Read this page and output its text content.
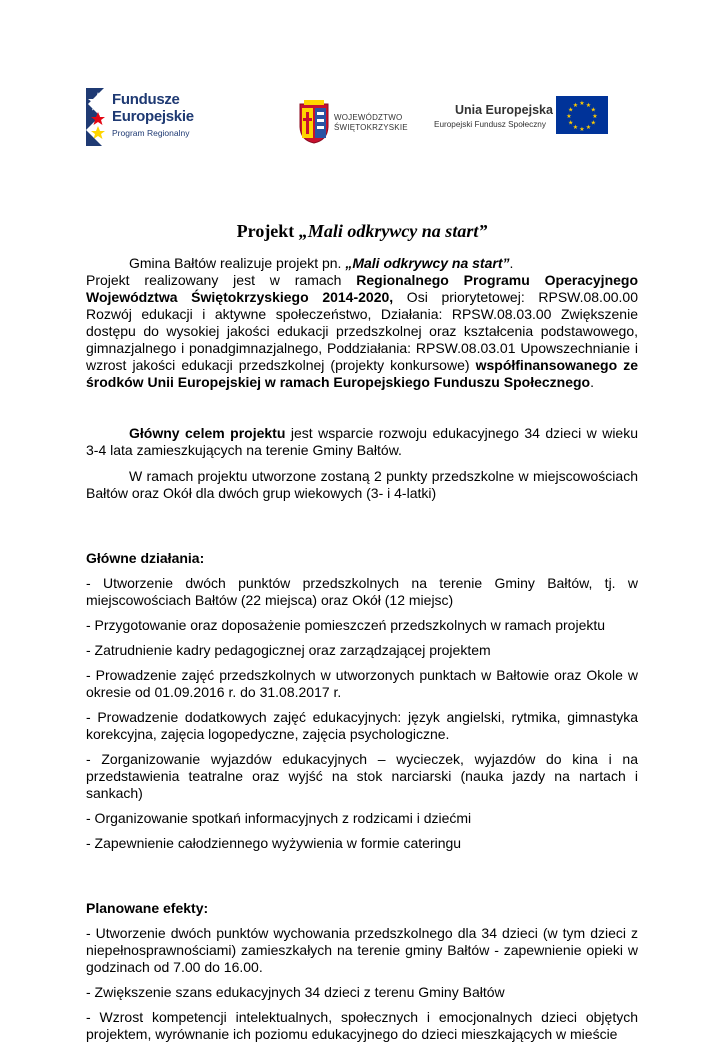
Fundusze
Europejskie
Program Regionalny
WOJEWÓDZTWO
ŚWIĘTOKRZYSKIE
Unia Europejska
Europejski Fundusz Społeczny
★ ★
★
★
★
★
★
★
★
★
★
★
Projekt „Mali odkrywcy na start”

Gmina Bałtów realizuje projekt pn. „Mali odkrywcy na start”.

Projekt realizowany jest w ramach Regionalnego Programu Operacyjnego Województwa Świętokrzyskiego 2014-2020, Osi priorytetowej: RPSW.08.00.00 Rozwój edukacji i aktywne społeczeństwo, Działania: RPSW.08.03.00 Zwiększenie dostępu do wysokiej jakości edukacji przedszkolnej oraz kształcenia podstawowego, gimnazjalnego i ponadgimnazjalnego, Poddziałania: RPSW.08.03.01 Upowszechnianie i wzrost jakości edukacji przedszkolnej (projekty konkursowe) współfinansowanego ze środków Unii Europejskiej w ramach Europejskiego Funduszu Społecznego.

Główny celem projektu jest wsparcie rozwoju edukacyjnego 34 dzieci w wieku 3-4 lata zamieszkujących na terenie Gminy Bałtów.

W ramach projektu utworzone zostaną 2 punkty przedszkolne w miejscowościach Bałtów oraz Okół dla dwóch grup wiekowych (3- i 4-latki)

Główne działania:

- Utworzenie dwóch punktów przedszkolnych na terenie Gminy Bałtów, tj. w miejscowościach Bałtów (22 miejsca) oraz Okół (12 miejsc)

- Przygotowanie oraz doposażenie pomieszczeń przedszkolnych w ramach projektu

- Zatrudnienie kadry pedagogicznej oraz zarządzającej projektem

- Prowadzenie zajęć przedszkolnych w utworzonych punktach w Bałtowie oraz Okole w okresie od 01.09.2016 r. do 31.08.2017 r.

- Prowadzenie dodatkowych zajęć edukacyjnych: język angielski, rytmika, gimnastyka korekcyjna, zajęcia logopedyczne, zajęcia psychologiczne.

- Zorganizowanie wyjazdów edukacyjnych – wycieczek, wyjazdów do kina i na przedstawienia teatralne oraz wyjść na stok narciarski (nauka jazdy na nartach i sankach)

- Organizowanie spotkań informacyjnych z rodzicami i dziećmi

- Zapewnienie całodziennego wyżywienia w formie cateringu

Planowane efekty:

- Utworzenie dwóch punktów wychowania przedszkolnego dla 34 dzieci (w tym dzieci z niepełnosprawnościami) zamieszkałych na terenie gminy Bałtów - zapewnienie opieki w godzinach od 7.00 do 16.00.

- Zwiększenie szans edukacyjnych 34 dzieci z terenu Gminy Bałtów

- Wzrost kompetencji intelektualnych, społecznych i emocjonalnych dzieci objętych projektem, wyrównanie ich poziomu edukacyjnego do dzieci mieszkających w mieście
